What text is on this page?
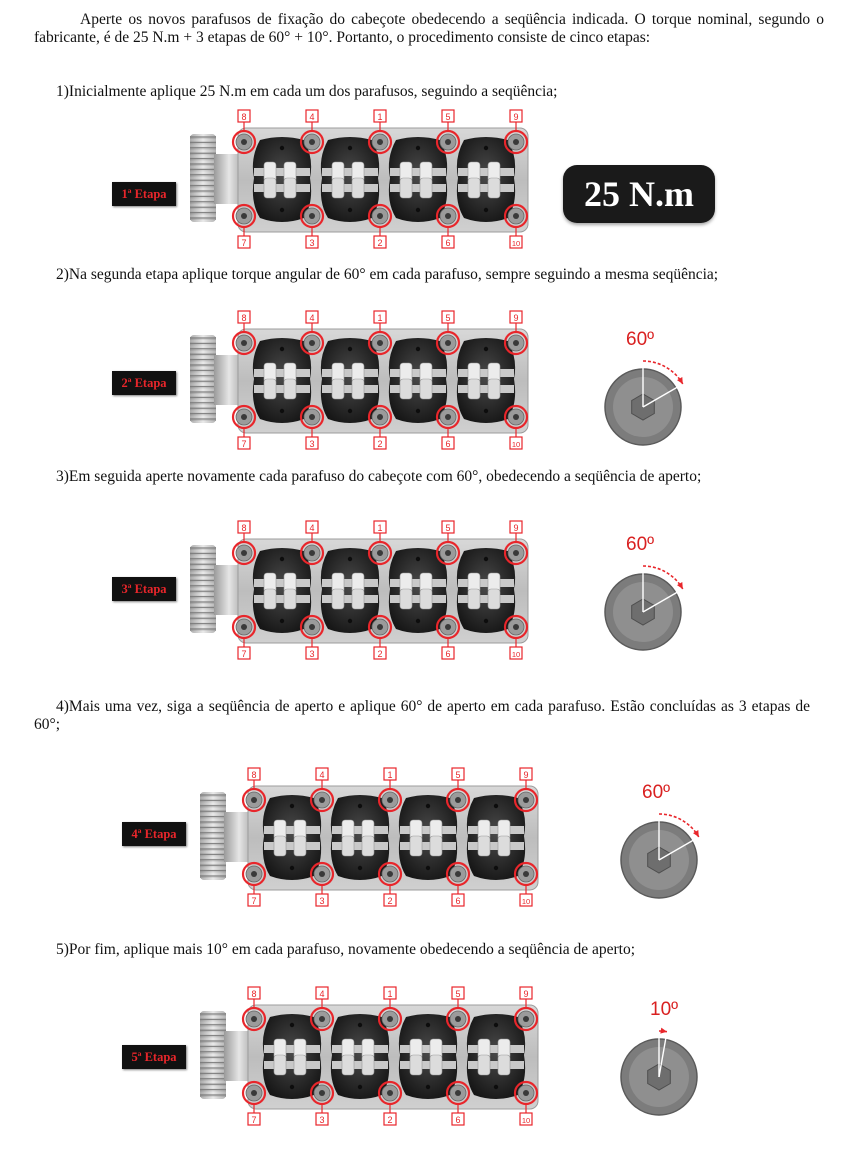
Aperte os novos parafusos de fixação do cabeçote obedecendo a seqüência indicada. O torque nominal, segundo o fabricante, é de 25 N.m + 3 etapas de 60° + 10°. Portanto, o procedimento consiste de cinco etapas:

1)Inicialmente aplique 25 N.m em cada um dos parafusos, seguindo a seqüência;

8
7
4
3
1
2
5
6
9
10
1ª Etapa	25 N.m

2)Na segunda etapa aplique torque angular de 60° em cada parafuso, sempre seguindo a mesma seqüência;

8
7
4
3
1
2
5
6
9
10
2ª Etapa
60º

3)Em seguida aperte novamente cada parafuso do cabeçote com 60°, obedecendo a seqüência de aperto;

8
7
4
3
1
2
5
6
9
10
3ª Etapa
60º

4)Mais uma vez, siga a seqüência de aperto e aplique 60° de aperto em cada parafuso. Estão concluídas as 3 etapas de 60°;

8
7
4
3
1
2
5
6
9
10
4ª Etapa
60º

5)Por fim, aplique mais 10° em cada parafuso, novamente obedecendo a seqüência de aperto;

8
7
4
3
1
2
5
6
9
10
5ª Etapa
10º
